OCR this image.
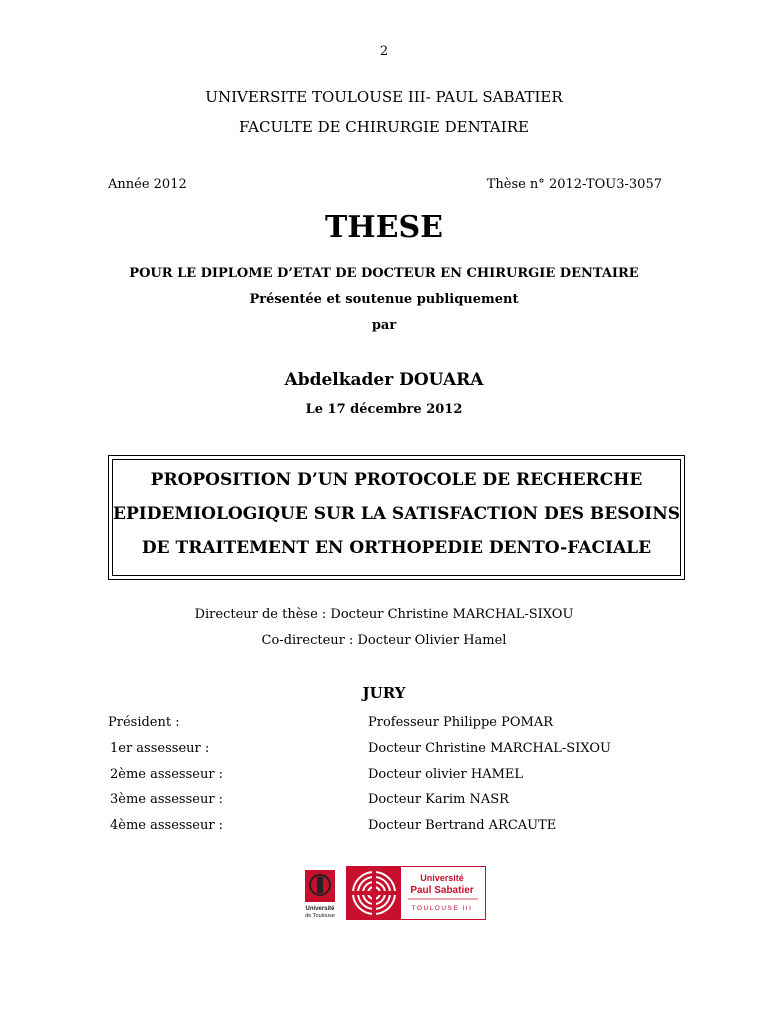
2
UNIVERSITE TOULOUSE III- PAUL SABATIER
FACULTE DE CHIRURGIE DENTAIRE
Année 2012	Thèse n° 2012-TOU3-3057
THESE
POUR LE DIPLOME D’ETAT DE DOCTEUR EN CHIRURGIE DENTAIRE
Présentée et soutenue publiquement
par
Abdelkader DOUARA
Le 17 décembre 2012
PROPOSITION D’UN PROTOCOLE DE RECHERCHE
EPIDEMIOLOGIQUE SUR LA SATISFACTION DES BESOINS
DE TRAITEMENT EN ORTHOPEDIE DENTO-FACIALE
Directeur de thèse : Docteur Christine MARCHAL-SIXOU
Co-directeur : Docteur Olivier Hamel
JURY
Président :	Professeur Philippe POMAR
1er assesseur :	Docteur Christine MARCHAL-SIXOU
2ème assesseur :	Docteur olivier HAMEL
3ème assesseur :	Docteur Karim NASR
4ème assesseur :	Docteur Bertrand ARCAUTE
Université
de Toulouse
Université
Paul Sabatier
TOULOUSE III
